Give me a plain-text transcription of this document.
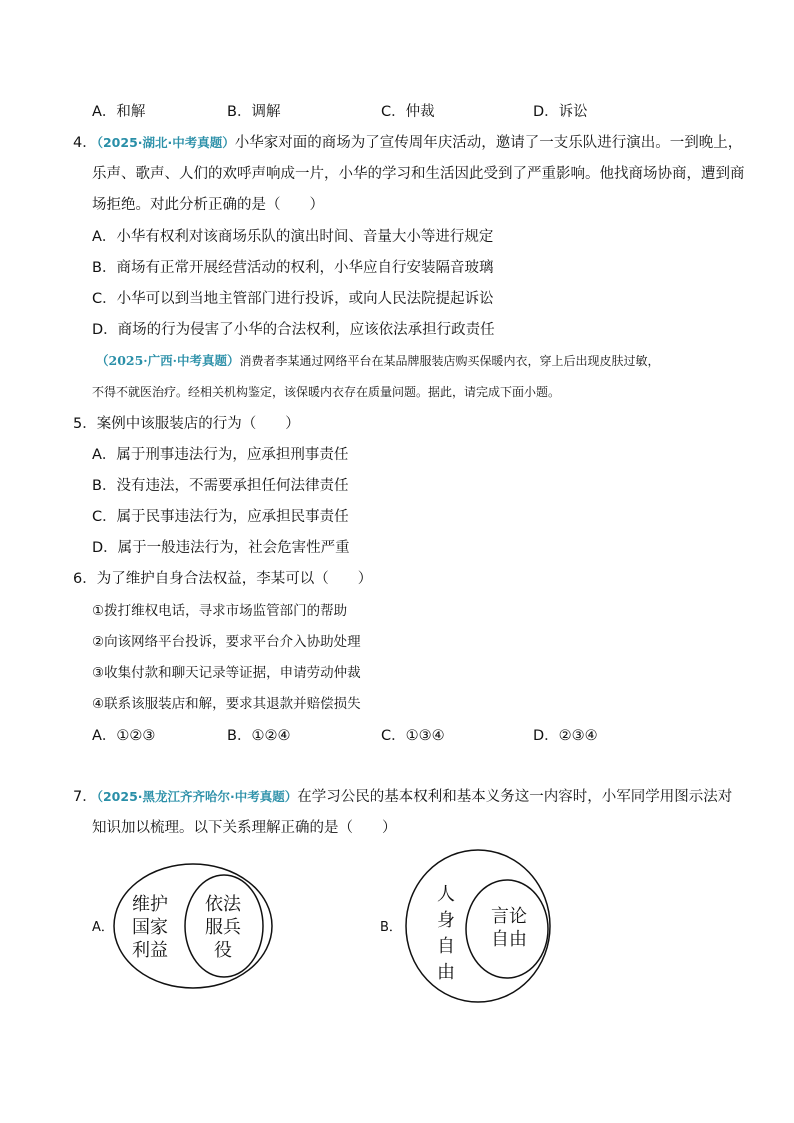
A．和解	B．调解	C．仲裁	D．诉讼
4．（2025·湖北·中考真题）小华家对面的商场为了宣传周年庆活动，邀请了一支乐队进行演出。一到晚上，
乐声、歌声、人们的欢呼声响成一片，小华的学习和生活因此受到了严重影响。他找商场协商，遭到商
场拒绝。对此分析正确的是（　　）
A．小华有权利对该商场乐队的演出时间、音量大小等进行规定
B．商场有正常开展经营活动的权利，小华应自行安装隔音玻璃
C．小华可以到当地主管部门进行投诉，或向人民法院提起诉讼
D．商场的行为侵害了小华的合法权利，应该依法承担行政责任
（2025·广西·中考真题）消费者李某通过网络平台在某品牌服装店购买保暖内衣，穿上后出现皮肤过敏，
不得不就医治疗。经相关机构鉴定，该保暖内衣存在质量问题。据此，请完成下面小题。
5．案例中该服装店的行为（　　）
A．属于刑事违法行为，应承担刑事责任
B．没有违法，不需要承担任何法律责任
C．属于民事违法行为，应承担民事责任
D．属于一般违法行为，社会危害性严重
6．为了维护自身合法权益，李某可以（　　）
①拨打维权电话，寻求市场监管部门的帮助
②向该网络平台投诉，要求平台介入协助处理
③收集付款和聊天记录等证据，申请劳动仲裁
④联系该服装店和解，要求其退款并赔偿损失
A．①②③	B．①②④	C．①③④	D．②③④
7．（2025·黑龙江齐齐哈尔·中考真题）在学习公民的基本权利和基本义务这一内容时，小军同学用图示法对
知识加以梳理。以下关系理解正确的是（　　）
A．
维护
国家
利益
依法
服兵
役
B．
人
身
自
由
言论
自由
